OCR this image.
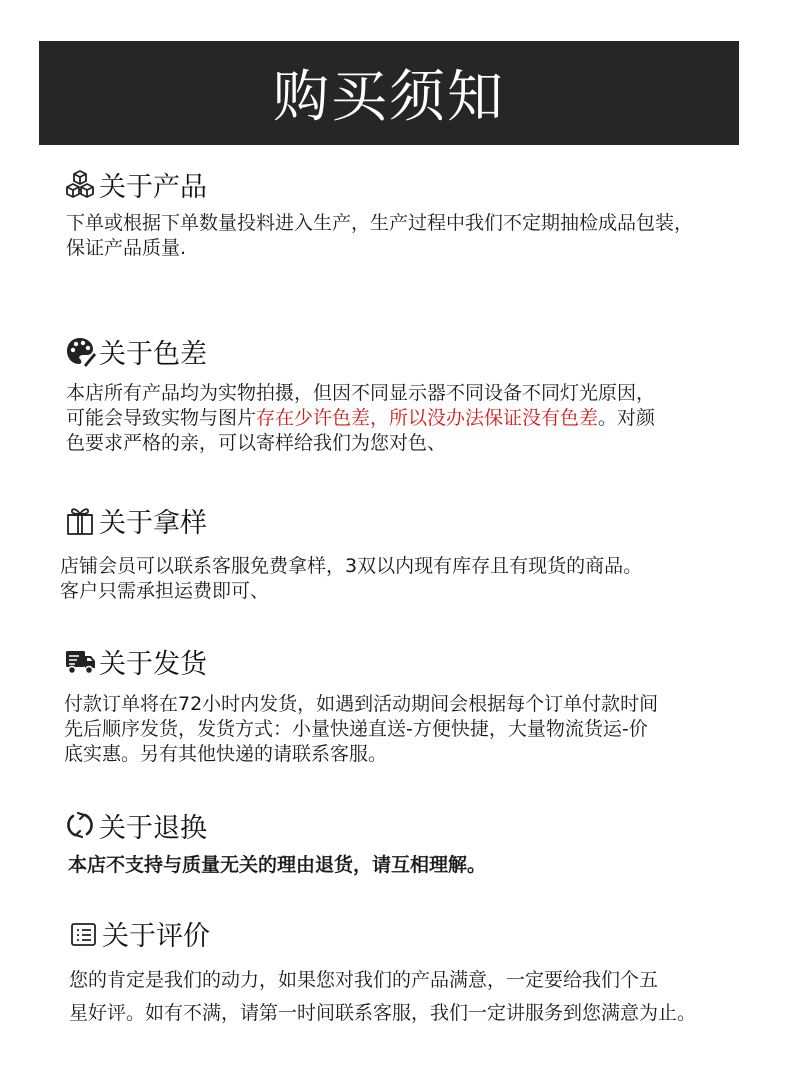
购买须知
关于产品
下单或根据下单数量投料进入生产，生产过程中我们不定期抽检成品包装，
保证产品质量.
关于色差
本店所有产品均为实物拍摄，但因不同显示器不同设备不同灯光原因，
可能会导致实物与图片存在少许色差，所以没办法保证没有色差。对颜
色要求严格的亲，可以寄样给我们为您对色、
关于拿样
店铺会员可以联系客服免费拿样，3双以内现有库存且有现货的商品。
客户只需承担运费即可、
关于发货
付款订单将在72小时内发货，如遇到活动期间会根据每个订单付款时间
先后顺序发货，发货方式：小量快递直送-方便快捷，大量物流货运-价
底实惠。另有其他快递的请联系客服。
关于退换
本店不支持与质量无关的理由退货，请互相理解。
关于评价
您的肯定是我们的动力，如果您对我们的产品满意，一定要给我们个五
星好评。如有不满，请第一时间联系客服，我们一定讲服务到您满意为止。
